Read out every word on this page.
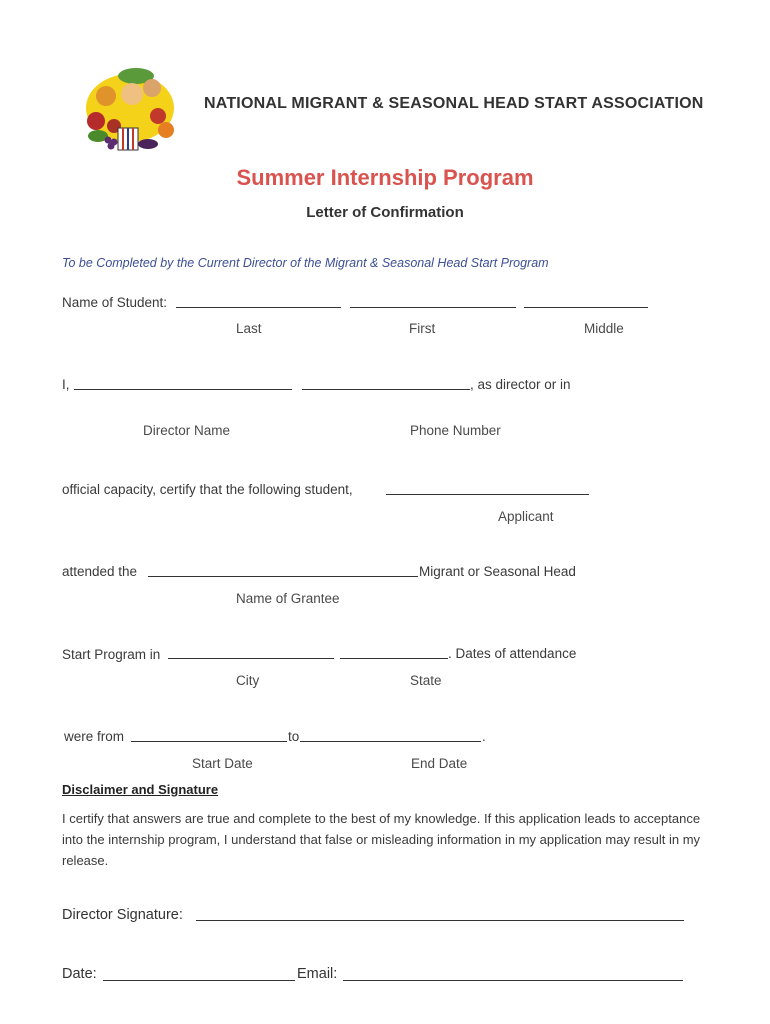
NATIONAL MIGRANT & SEASONAL HEAD START ASSOCIATION
Summer Internship Program
Letter of Confirmation
To be Completed by the Current Director of the Migrant & Seasonal Head Start Program
Name of Student:
Last	First	Middle
I,	, as director or in
Director Name	Phone Number
official capacity, certify that the following student,
Applicant
attended the	Migrant or Seasonal Head
Name of Grantee
Start Program in	. Dates of attendance
City	State
were from	to	.
Start Date	End Date
Disclaimer and Signature
I certify that answers are true and complete to the best of my knowledge. If this application leads to acceptance into the internship program, I understand that false or misleading information in my application may result in my release.
Director Signature:
Date:	Email:
